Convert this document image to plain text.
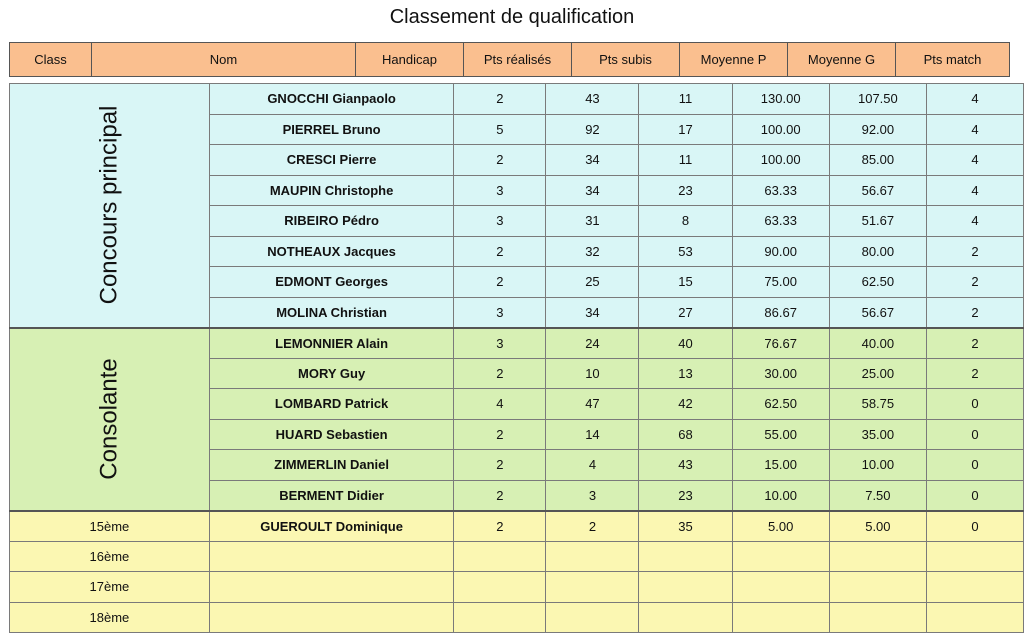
Classement de qualification
Class	Nom	Handicap	Pts réalisés	Pts subis	Moyenne P	Moyenne G	Pts match
Concours principal	GNOCCHI Gianpaolo	2	43	11	130.00	107.50	4
	PIERREL Bruno	5	92	17	100.00	92.00	4
	CRESCI Pierre	2	34	11	100.00	85.00	4
	MAUPIN Christophe	3	34	23	63.33	56.67	4
	RIBEIRO Pédro	3	31	8	63.33	51.67	4
	NOTHEAUX Jacques	2	32	53	90.00	80.00	2
	EDMONT Georges	2	25	15	75.00	62.50	2
	MOLINA Christian	3	34	27	86.67	56.67	2
Consolante	LEMONNIER Alain	3	24	40	76.67	40.00	2
	MORY Guy	2	10	13	30.00	25.00	2
	LOMBARD Patrick	4	47	42	62.50	58.75	0
	HUARD Sebastien	2	14	68	55.00	35.00	0
	ZIMMERLIN Daniel	2	4	43	15.00	10.00	0
	BERMENT Didier	2	3	23	10.00	7.50	0
15ème	GUEROULT Dominique	2	2	35	5.00	5.00	0
16ème							
17ème							
18ème							
